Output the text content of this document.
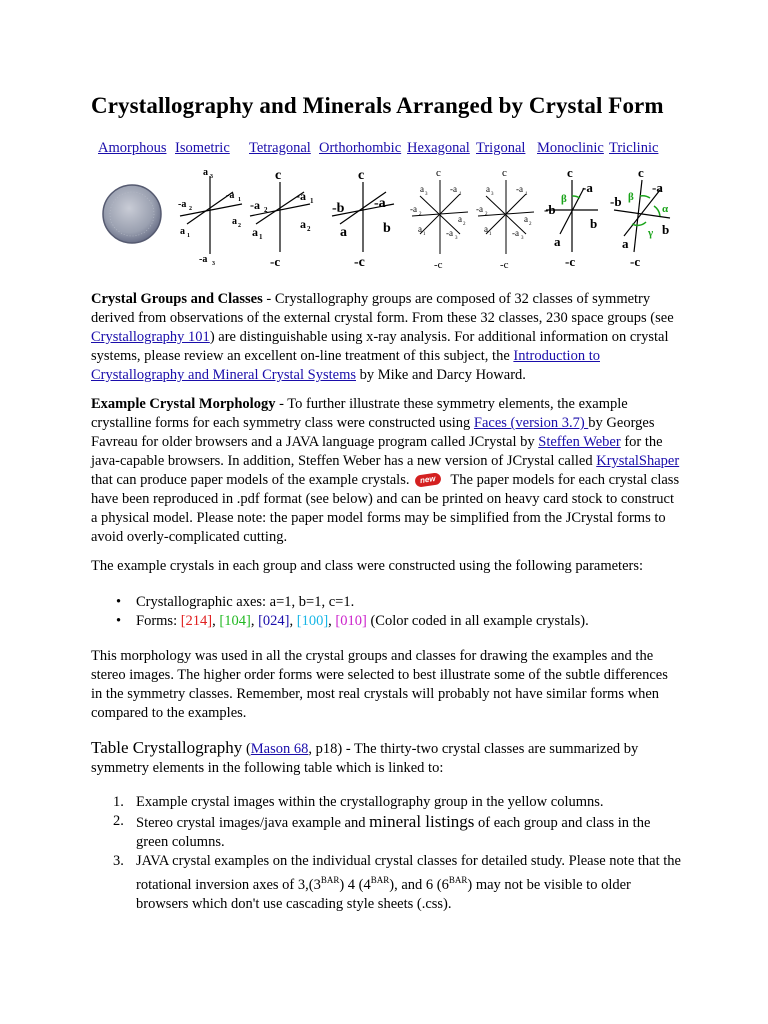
Crystallography and Minerals Arranged by Crystal Form
Amorphous Isometric Tetragonal Orthorhombic Hexagonal Trigonal Monoclinic Triclinic
a 3
-a 1
-a 2
a 2
a 1
-a 3
c
-a 1
-a 2
a 2
a 1
-c
c
-b -a
a	b
-c
c
a
3
-a
1
-a
2	a
2
a
1 -a
3
-c
c
a
3
-a
1
-a
2	a
2
a
1 -a
3
-c
c
β
-a
-b
b
a
-c
c
-a
β
-b	α
γ b
a
-c

Crystal Groups and Classes - Crystallography groups are composed of 32 classes of symmetry derived from observations of the external crystal form. From these 32 classes, 230 space groups (see Crystallography 101) are distinguishable using x-ray analysis. For additional information on crystal systems, please review an excellent on-line treatment of this subject, the Introduction to Crystallography and Mineral Crystal Systems by Mike and Darcy Howard.

Example Crystal Morphology - To further illustrate these symmetry elements, the example crystalline forms for each symmetry class were constructed using Faces (version 3.7) by Georges Favreau for older browsers and a JAVA language program called JCrystal by Steffen Weber for the java-capable browsers. In addition, Steffen Weber has a new version of JCrystal called KrystalShaper that can produce paper models of the example crystals. new The paper models for each crystal class have been reproduced in .pdf format (see below) and can be printed on heavy card stock to construct a physical model. Please note: the paper model forms may be simplified from the JCrystal forms to avoid overly-complicated cutting.

The example crystals in each group and class were constructed using the following parameters:

• Crystallographic axes: a=1, b=1, c=1.
• Forms: [214], [104], [024], [100], [010] (Color coded in all example crystals).

This morphology was used in all the crystal groups and classes for drawing the examples and the stereo images. The higher order forms were selected to best illustrate some of the subtle differences in the symmetry classes. Remember, most real crystals will probably not have similar forms when compared to the examples.

Table Crystallography (Mason 68, p18) - The thirty-two crystal classes are summarized by symmetry elements in the following table which is linked to:

1. Example crystal images within the crystallography group in the yellow columns.
2. Stereo crystal images/java example and mineral listings of each group and class in the green columns.
3. JAVA crystal examples on the individual crystal classes for detailed study. Please note that the rotational inversion axes of $3,(3^{BAR})$ 4 $(4^{BAR})$, and 6 $(6^{BAR})$ may not be visible to older browsers which don't use cascading style sheets (.css).
